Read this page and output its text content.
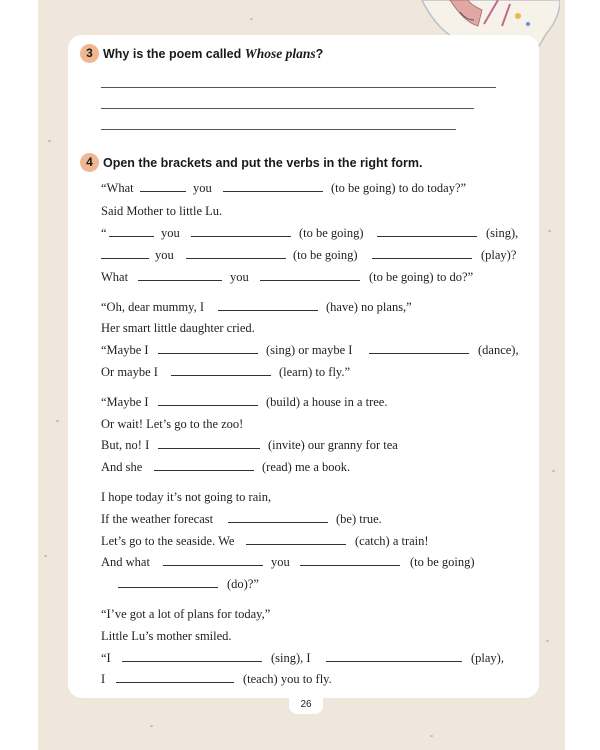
3 Why is the poem called Whose plans?
4 Open the brackets and put the verbs in the right form.
“What	you	(to be going) to do today?”
Said Mother to little Lu.
“	you	(to be going)	(sing),
you	(to be going)	(play)?
What	you	(to be going) to do?”
“Oh, dear mummy, I	(have) no plans,”
Her smart little daughter cried.
“Maybe I	(sing) or maybe I	(dance),
Or maybe I	(learn) to fly.”
“Maybe I	(build) a house in a tree.
Or wait! Let’s go to the zoo!
But, no! I	(invite) our granny for tea
And she	(read) me a book.
I hope today it’s not going to rain,
If the weather forecast	(be) true.
Let’s go to the seaside. We	(catch) a train!
And what	you	(to be going)
(do)?”
“I’ve got a lot of plans for today,”
Little Lu’s mother smiled.
“I	(sing), I	(play),
I	(teach) you to fly.
26
